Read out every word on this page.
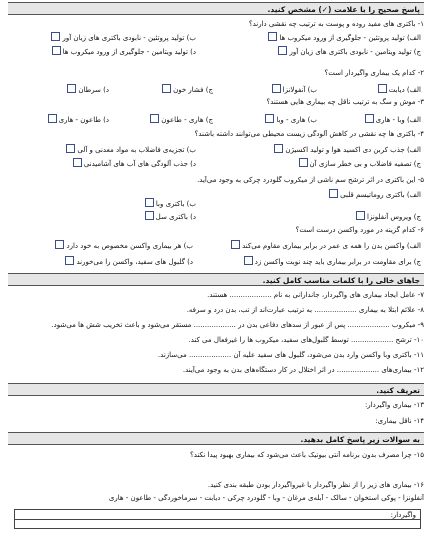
پاسخ صحیح را با علامت (✓) مشخص کنید.
۱- باکتری های مفید روده و پوست به ترتیب چه نقشی دارند؟
الف) تولید پروتئین - جلوگیری از ورود میکروب ها
ب) تولید پروتئین - نابودی باکتری های زیان آور
ج) تولید ویتامین - نابودی باکتری های زیان آور
د) تولید ویتامین - جلوگیری از ورود میکروب ها
۲- کدام یک بیماری واگیردار است؟
الف) دیابت
ب) آنفولانزا
ج) فشار خون
د) سرطان
۳- موش و سگ به ترتیب ناقل چه بیماری هایی هستند؟
الف) وبا - هاری
ب) هاری - وبا
ج) هاری - طاعون
د) طاعون - هاری
۴- باکتری ها چه نقشی در کاهش آلودگی زیست محیطی می‌توانند داشته باشند؟
الف) جذب کربن دی اکسید هوا و تولید اکسیژن
ب) تجزیه‌ی فاضلاب به مواد معدنی و آلی
ج) تصفیه فاضلاب و بی خطر سازی آن
د) جذب آلودگی های آب های آشامیدنی
۵- این باکتری در اثر ترشح سم ناشی از میکروب گلودرد چرکی به وجود می‌آید.
الف) باکتری روماتیسم قلبی
ب) باکتری وبا
ج) ویروس آنفلونزا
د) باکتری سل
۶- کدام گزینه در مورد واکسن درست است؟
الف) واکسن بدن را همه ی عمر در برابر بیماری مقاوم می‌کند
ب) هر بیماری واکسن مخصوص به خود دارد
ج) برای مقاومت در برابر بیماری باید چند نوبت واکسن زد
د) گلبول های سفید، واکسن را می‌خورند
جاهای خالی را با کلمات مناسب کامل کنید.
۷- عامل ایجاد بیماری های واگیردار، جاندارانی به نام ................... هستند.
۸- علائم ابتلا به بیماری ................... به ترتیب عبارت‌اند از تب، بدن درد و سرفه.
۹- میکروب ................... پس از عبور از سدهای دفاعی بدن در ................... مستقر می‌شود و باعث تخریب شش ها می‌شود.
۱۰- ترشح ................... توسط گلبول‌های سفید، میکروب ها را غیرفعال می کند.
۱۱- باکتری وبا واکسن وارد بدن می‌شود، گلبول های سفید علیه آن ................... می‌سازند.
۱۲- بیماری‌های ................... در اثر اختلال در کار دستگاه‌های بدن به وجود می‌آیند.
تعریف کنید.
۱۳- بیماری واگیردار:
۱۴- ناقل بیماری:
به سوالات زیر پاسخ کامل بدهید.
۱۵- چرا مصرف بدون برنامه آنتی بیوتیک باعث می‌شود که بیماری بهبود پیدا نکند؟
۱۶- بیماری های زیر را از نظر واگیردار یا غیرواگیردار بودن طبقه بندی کنید.
آنفلونزا - پوکی استخوان - سالک - آبله‌ی مرغان - وبا - گلودرد چرکی - دیابت - سرماخوردگی - طاعون - هاری
واگیردار:
